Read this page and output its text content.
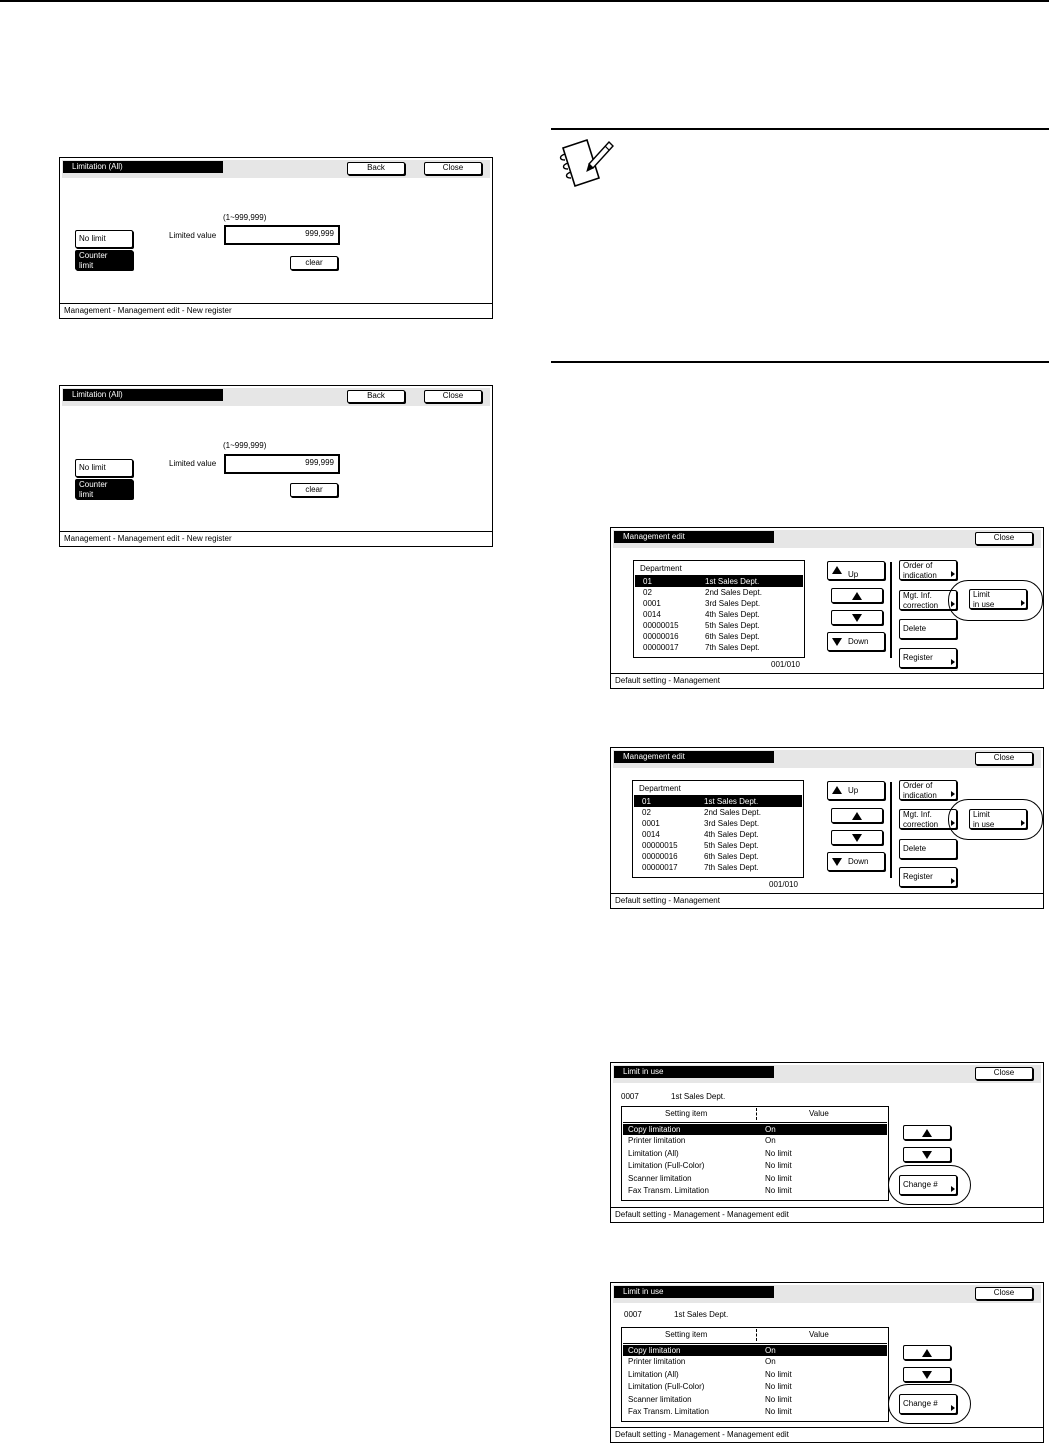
Limitation (All)	Back	Close
(1~999,999)
Limited value	999,999
No limit
Counter
limit	clear
Management - Management edit - New register
Limitation (All)	Back	Close
(1~999,999)
Limited value	999,999
No limit
Counter
limit
clear
Management - Management edit - New register	Management edit	Close
Department
01	1st Sales Dept.
02	2nd Sales Dept.
0001	3rd Sales Dept.
0014	4th Sales Dept.
00000015	5th Sales Dept.
00000016	6th Sales Dept.
00000017	7th Sales Dept.
001/010
Up
Down
Order of
indication
Mgt. Inf.
correction
Delete
Register
Limit
in use
Default setting - Management
Management edit	Close
Department
01	1st Sales Dept.
02	2nd Sales Dept.
0001	3rd Sales Dept.
0014	4th Sales Dept.
00000015	5th Sales Dept.
00000016	6th Sales Dept.
00000017	7th Sales Dept.
001/010
Up
Down
Order of
indication
Mgt. Inf.
correction
Delete
Register
Limit
in use
Default setting - Management
Limit in use	Close
0007	1st Sales Dept.
Setting item	Value
Copy limitation	On
Printer limitation	On
Limitation (All)	No limit
Limitation (Full-Color)	No limit
Scanner limitation	No limit
Fax Transm. Limitation	No limit
Change #
Default setting - Management - Management edit
Limit in use	Close
0007	1st Sales Dept.
Setting item	Value
Copy limitation	On
Printer limitation	On
Limitation (All)	No limit
Limitation (Full-Color)	No limit
Scanner limitation	No limit
Fax Transm. Limitation	No limit
Change #
Default setting - Management - Management edit
